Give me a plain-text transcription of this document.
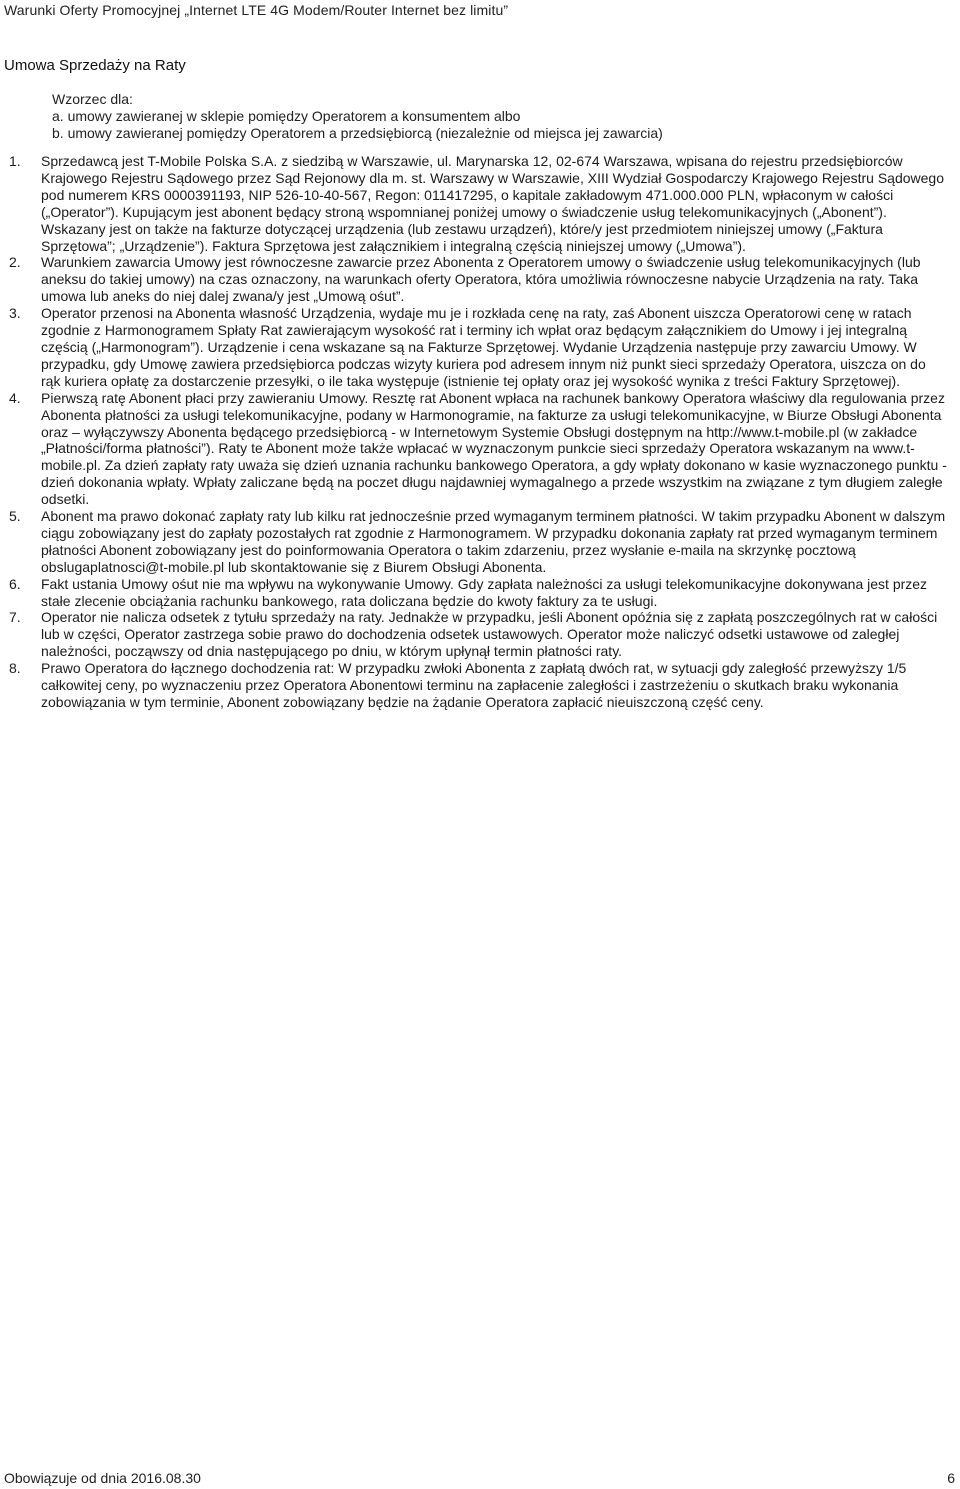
Warunki Oferty Promocyjnej „Internet LTE 4G Modem/Router Internet bez limitu”
Umowa Sprzedaży na Raty
Wzorzec dla:
a. umowy zawieranej w sklepie pomiędzy Operatorem a konsumentem albo
b. umowy zawieranej pomiędzy Operatorem a przedsiębiorcą (niezależnie od miejsca jej zawarcia)
1. Sprzedawcą jest T-Mobile Polska S.A. z siedzibą w Warszawie, ul. Marynarska 12, 02-674 Warszawa, wpisana do rejestru przedsiębiorców Krajowego Rejestru Sądowego przez Sąd Rejonowy dla m. st. Warszawy w Warszawie, XIII Wydział Gospodarczy Krajowego Rejestru Sądowego pod numerem KRS 0000391193, NIP 526-10-40-567, Regon: 011417295, o kapitale zakładowym 471.000.000 PLN, wpłaconym w całości („Operator”). Kupującym jest abonent będący stroną wspomnianej poniżej umowy o świadczenie usług telekomunikacyjnych („Abonent”). Wskazany jest on także na fakturze dotyczącej urządzenia (lub zestawu urządzeń), które/y jest przedmiotem niniejszej umowy („Faktura Sprzętowa”; „Urządzenie”). Faktura Sprzętowa jest załącznikiem i integralną częścią niniejszej umowy („Umowa”).
2. Warunkiem zawarcia Umowy jest równoczesne zawarcie przez Abonenta z Operatorem umowy o świadczenie usług telekomunikacyjnych (lub aneksu do takiej umowy) na czas oznaczony, na warunkach oferty Operatora, która umożliwia równoczesne nabycie Urządzenia na raty. Taka umowa lub aneks do niej dalej zwana/y jest „Umową ośut”.
3. Operator przenosi na Abonenta własność Urządzenia, wydaje mu je i rozkłada cenę na raty, zaś Abonent uiszcza Operatorowi cenę w ratach zgodnie z Harmonogramem Spłaty Rat zawierającym wysokość rat i terminy ich wpłat oraz będącym załącznikiem do Umowy i jej integralną częścią („Harmonogram”). Urządzenie i cena wskazane są na Fakturze Sprzętowej. Wydanie Urządzenia następuje przy zawarciu Umowy. W przypadku, gdy Umowę zawiera przedsiębiorca podczas wizyty kuriera pod adresem innym niż punkt sieci sprzedaży Operatora, uiszcza on do rąk kuriera opłatę za dostarczenie przesyłki, o ile taka występuje (istnienie tej opłaty oraz jej wysokość wynika z treści Faktury Sprzętowej).
4. Pierwszą ratę Abonent płaci przy zawieraniu Umowy. Resztę rat Abonent wpłaca na rachunek bankowy Operatora właściwy dla regulowania przez Abonenta płatności za usługi telekomunikacyjne, podany w Harmonogramie, na fakturze za usługi telekomunikacyjne, w Biurze Obsługi Abonenta oraz – wyłączywszy Abonenta będącego przedsiębiorcą - w Internetowym Systemie Obsługi dostępnym na http://www.t-mobile.pl (w zakładce „Płatności/forma płatności”). Raty te Abonent może także wpłacać w wyznaczonym punkcie sieci sprzedaży Operatora wskazanym na www.t-mobile.pl. Za dzień zapłaty raty uważa się dzień uznania rachunku bankowego Operatora, a gdy wpłaty dokonano w kasie wyznaczonego punktu - dzień dokonania wpłaty. Wpłaty zaliczane będą na poczet długu najdawniej wymagalnego a przede wszystkim na związane z tym długiem zaległe odsetki.
5. Abonent ma prawo dokonać zapłaty raty lub kilku rat jednocześnie przed wymaganym terminem płatności. W takim przypadku Abonent w dalszym ciągu zobowiązany jest do zapłaty pozostałych rat zgodnie z Harmonogramem. W przypadku dokonania zapłaty rat przed wymaganym terminem płatności Abonent zobowiązany jest do poinformowania Operatora o takim zdarzeniu, przez wysłanie e-maila na skrzynkę pocztową obslugaplatnosci@t-mobile.pl lub skontaktowanie się z Biurem Obsługi Abonenta.
6. Fakt ustania Umowy ośut nie ma wpływu na wykonywanie Umowy. Gdy zapłata należności za usługi telekomunikacyjne dokonywana jest przez stałe zlecenie obciążania rachunku bankowego, rata doliczana będzie do kwoty faktury za te usługi.
7. Operator nie nalicza odsetek z tytułu sprzedaży na raty. Jednakże w przypadku, jeśli Abonent opóźnia się z zapłatą poszczególnych rat w całości lub w części, Operator zastrzega sobie prawo do dochodzenia odsetek ustawowych. Operator może naliczyć odsetki ustawowe od zaległej należności, począwszy od dnia następującego po dniu, w którym upłynął termin płatności raty.
8. Prawo Operatora do łącznego dochodzenia rat: W przypadku zwłoki Abonenta z zapłatą dwóch rat, w sytuacji gdy zaległość przewyższy 1/5 całkowitej ceny, po wyznaczeniu przez Operatora Abonentowi terminu na zapłacenie zaległości i zastrzeżeniu o skutkach braku wykonania zobowiązania w tym terminie, Abonent zobowiązany będzie na żądanie Operatora zapłacić nieuiszczoną część ceny.
Obowiązuje od dnia 2016.08.30	6
